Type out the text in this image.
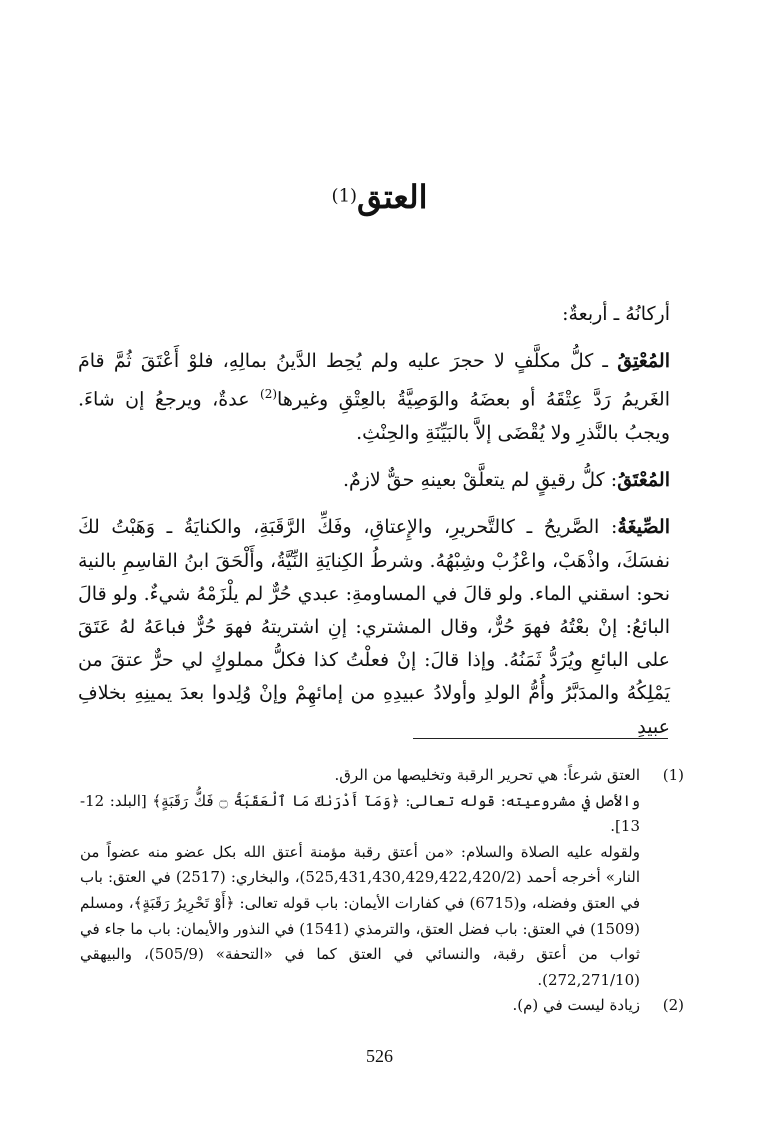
العتق(1)

أركانُهُ ـ أربعةٌ:

المُعْتِقُ ـ كلُّ مكلَّفٍ لا حجرَ عليه ولم يُحِط الدَّينُ بمالِهِ، فلوْ أَعْتَقَ ثُمَّ قامَ الغَريمُ رَدَّ عِتْقَهُ أو بعضَهُ والوَصِيَّةُ بالعِتْقِ وغيرها$^{(2)}$ عدةٌ، ويرجعُ إن شاءَ. ويجبُ بالنَّذرِ ولا يُقْضَى إلاَّ بالبَيِّنَةِ والحِنْثِ.

المُعْتَقُ: كلُّ رقيقٍ لم يتعلَّقْ بعينهِ حقٌّ لازمٌ.

الصِّيغَةُ: الصَّريحُ ـ كالتَّحريرِ، والإِعتاقِ، وفَكِّ الرَّقَبَةِ، والكنايَةُ ـ وَهَبْتُ لكَ نفسَكَ، واذْهَبْ، واعْزُبْ وشِبْهُهُ. وشرطُ الكِنايَةِ النِّيَّةُ، وأَلْحَقَ ابنُ القاسِمِ بالنية نحو: اسقني الماء. ولو قالَ في المساومةِ: عبدي حُرٌّ لم يلْزَمْهُ شيءٌ. ولو قالَ البائعُ: إنْ بعْتُهُ فهوَ حُرٌّ، وقال المشتري: إنِ اشتريتهُ فهوَ حُرٌّ فباعَهُ لهُ عَتَقَ على البائعِ ويُرَدُّ ثَمَنُهُ. وإذا قالَ: إنْ فعلْتُ كذا فكلُّ مملوكٍ لي حرٌّ عتقَ من يَمْلِكُهُ والمدَبَّرُ وأُمُّ الولدِ وأولادُ عبيدِهِ من إمائهِمْ وإنْ وُلِدوا بعدَ يمينِهِ بخلافِ عبيدِ

(1)

العتق شرعاً: هي تحرير الرقبة وتخليصها من الرق.

والأصل في مشروعيته: قوله تعالى: ﴿وَمَآ أَدْرَىٰكَ مَا ٱلْعَقَبَةُ ۝ فَكُّ رَقَبَةٍ﴾ [البلد: 12-13].

ولقوله عليه الصلاة والسلام: «من أعتق رقبة مؤمنة أعتق الله بكل عضو منه عضواً من النار» أخرجه أحمد (525,431,430,429,422,420/2)، والبخاري: (2517) في العتق: باب في العتق وفضله، و(6715) في كفارات الأيمان: باب قوله تعالى: ﴿أَوْ تَحْرِيرُ رَقَبَةٍ﴾، ومسلم (1509) في العتق: باب فضل العتق، والترمذي (1541) في النذور والأيمان: باب ما جاء في ثواب من أعتق رقبة، والنسائي في العتق كما في «التحفة» (505/9)، والبيهقي (272,271/10).

(2)

زيادة ليست في (م).

526
